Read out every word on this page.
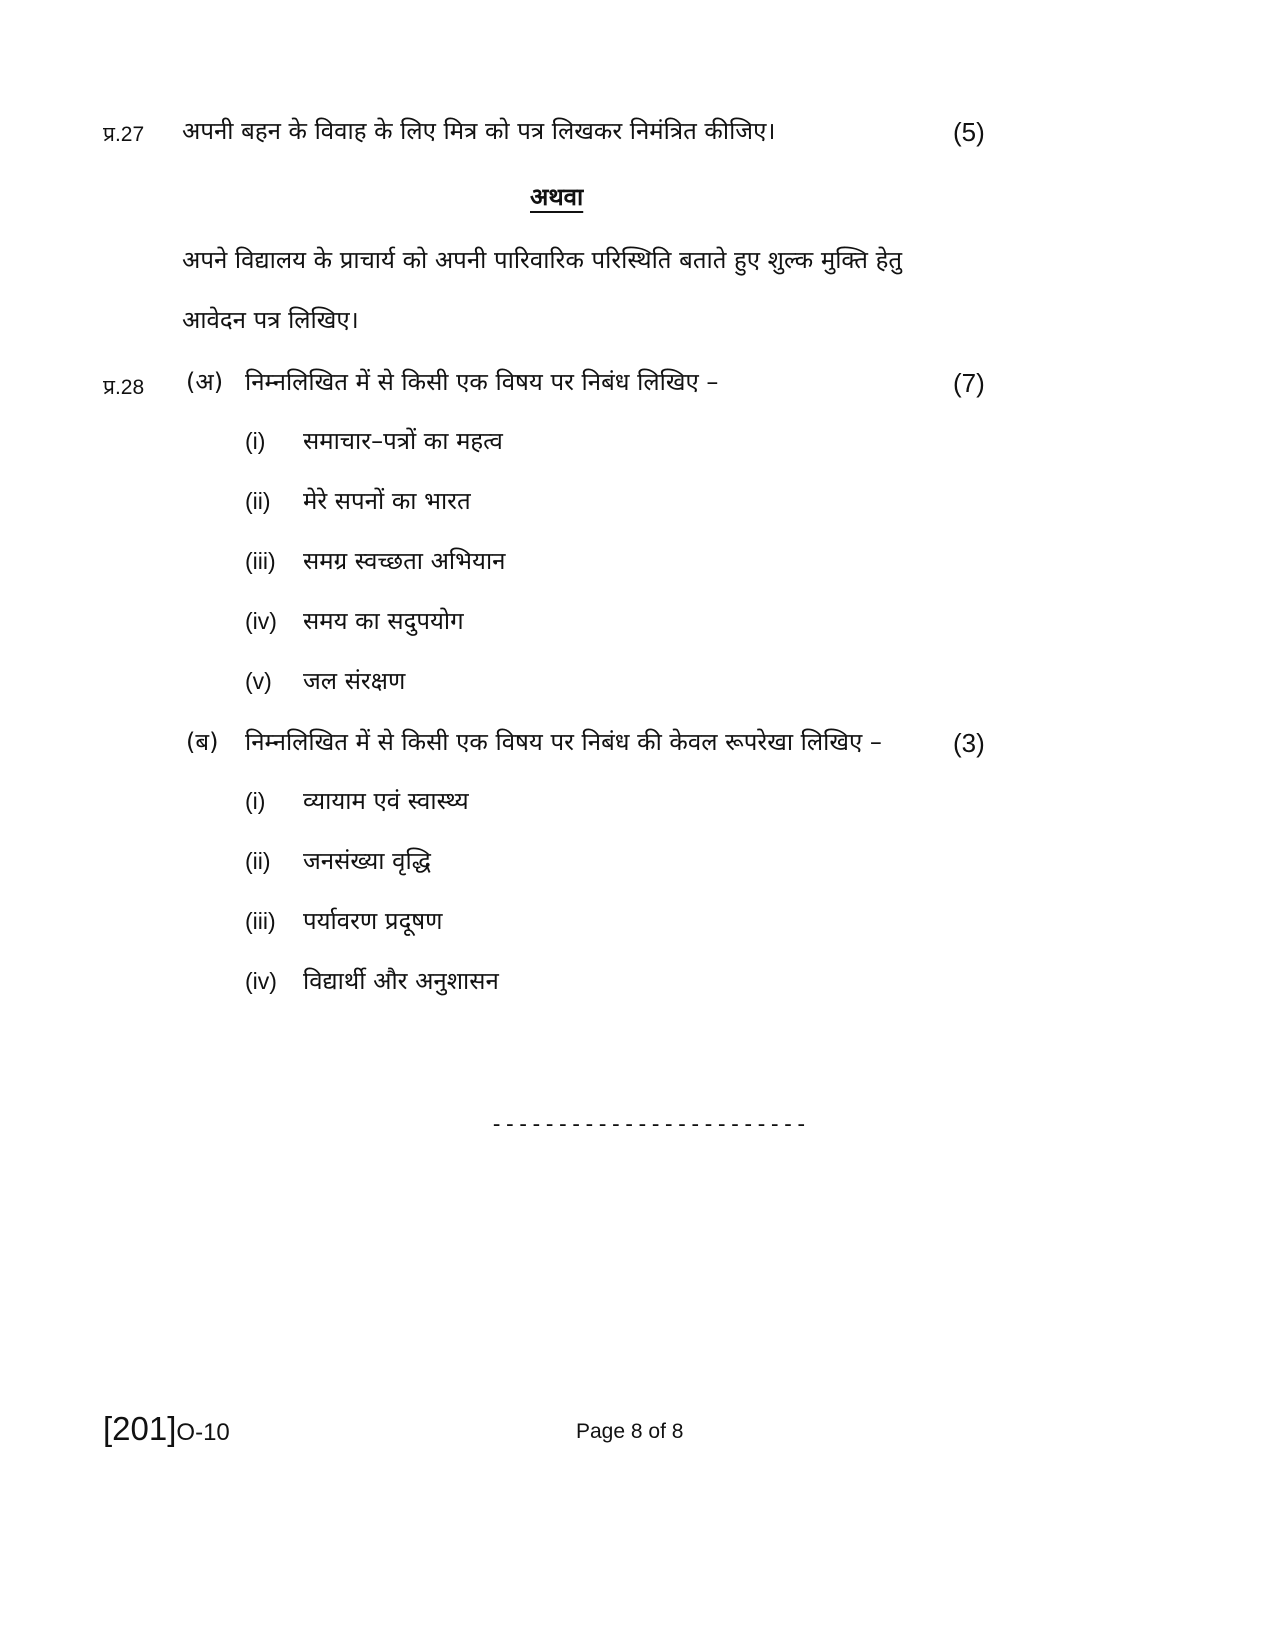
प्र.27 अपनी बहन के विवाह के लिए मित्र को पत्र लिखकर निमंत्रित कीजिए।	(5)
अथवा
अपने विद्यालय के प्राचार्य को अपनी पारिवारिक परिस्थिति बताते हुए शुल्क मुक्ति हेतु
आवेदन पत्र लिखिए।
प्र.28 (अ) निम्नलिखित में से किसी एक विषय पर निबंध लिखिए –	(7)
(i) समाचार–पत्रों का महत्व
(ii) मेरे सपनों का भारत
(iii) समग्र स्वच्छता अभियान
(iv) समय का सदुपयोग
(v) जल संरक्षण
(ब) निम्नलिखित में से किसी एक विषय पर निबंध की केवल रूपरेखा लिखिए –	(3)
(i) व्यायाम एवं स्वास्थ्य
(ii) जनसंख्या वृद्धि
(iii) पर्यावरण प्रदूषण
(iv) विद्यार्थी और अनुशासन
------------------------
[201]O-10	Page 8 of 8
